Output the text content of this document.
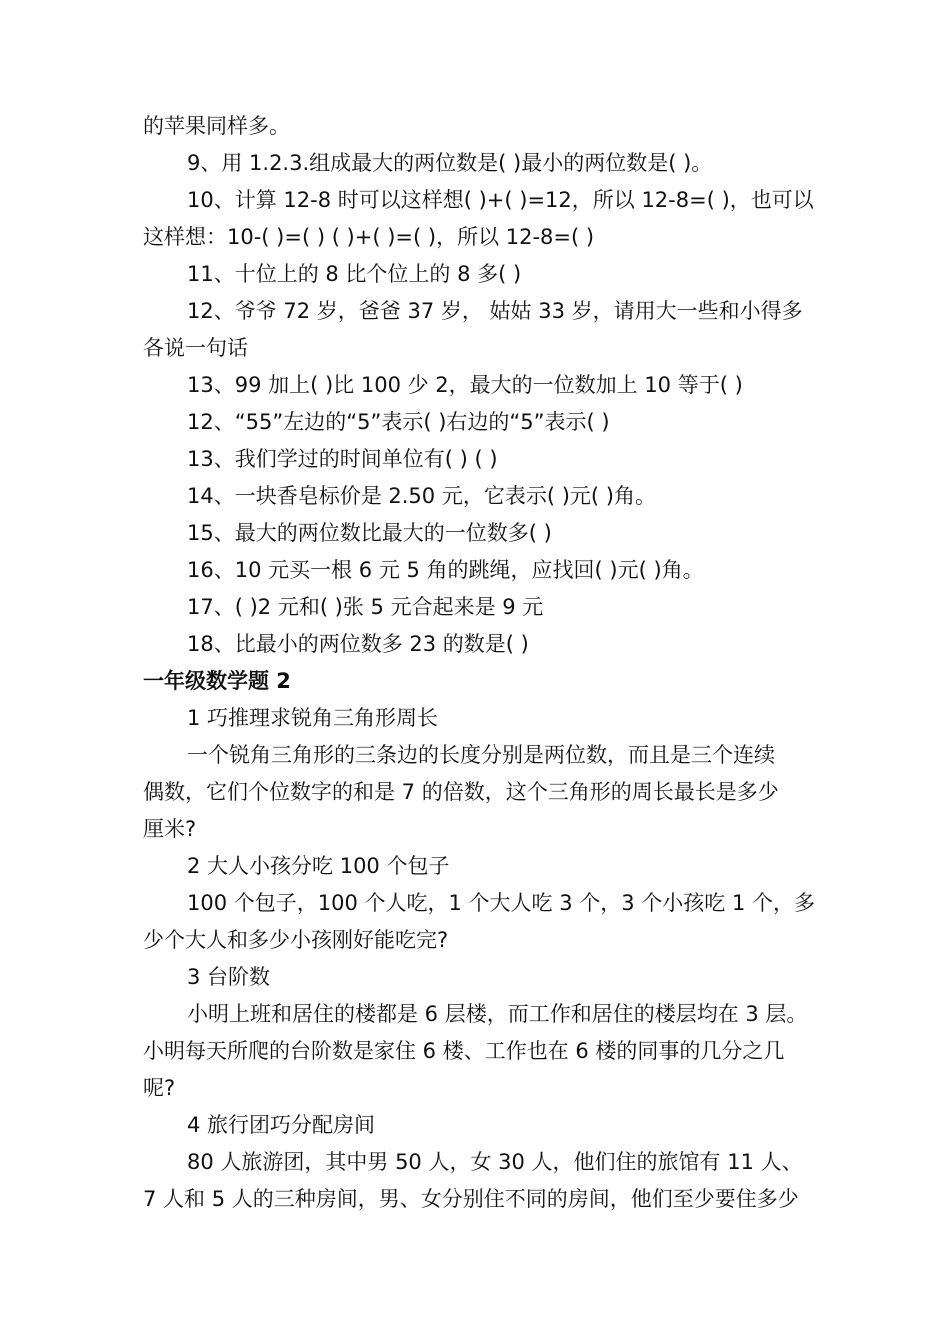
的苹果同样多。
9、用 1.2.3.组成最大的两位数是( )最小的两位数是( )。
10、计算 12-8 时可以这样想( )+( )=12，所以 12-8=( )，也可以
这样想：10-( )=( ) ( )+( )=( )，所以 12-8=( )
11、十位上的 8 比个位上的 8 多( )
12、爷爷 72 岁，爸爸 37 岁， 姑姑 33 岁，请用大一些和小得多
各说一句话
13、99 加上( )比 100 少 2，最大的一位数加上 10 等于( )
12、“55”左边的“5”表示( )右边的“5”表示( )
13、我们学过的时间单位有( ) ( )
14、一块香皂标价是 2.50 元，它表示( )元( )角。
15、最大的两位数比最大的一位数多( )
16、10 元买一根 6 元 5 角的跳绳，应找回( )元( )角。
17、( )2 元和( )张 5 元合起来是 9 元
18、比最小的两位数多 23 的数是( )
一年级数学题 2
1 巧推理求锐角三角形周长
一个锐角三角形的三条边的长度分别是两位数，而且是三个连续
偶数，它们个位数字的和是 7 的倍数，这个三角形的周长最长是多少
厘米?
2 大人小孩分吃 100 个包子
100 个包子，100 个人吃，1 个大人吃 3 个，3 个小孩吃 1 个，多
少个大人和多少小孩刚好能吃完?
3 台阶数
小明上班和居住的楼都是 6 层楼，而工作和居住的楼层均在 3 层。
小明每天所爬的台阶数是家住 6 楼、工作也在 6 楼的同事的几分之几
呢?
4 旅行团巧分配房间
80 人旅游团，其中男 50 人，女 30 人，他们住的旅馆有 11 人、
7 人和 5 人的三种房间，男、女分别住不同的房间，他们至少要住多少
